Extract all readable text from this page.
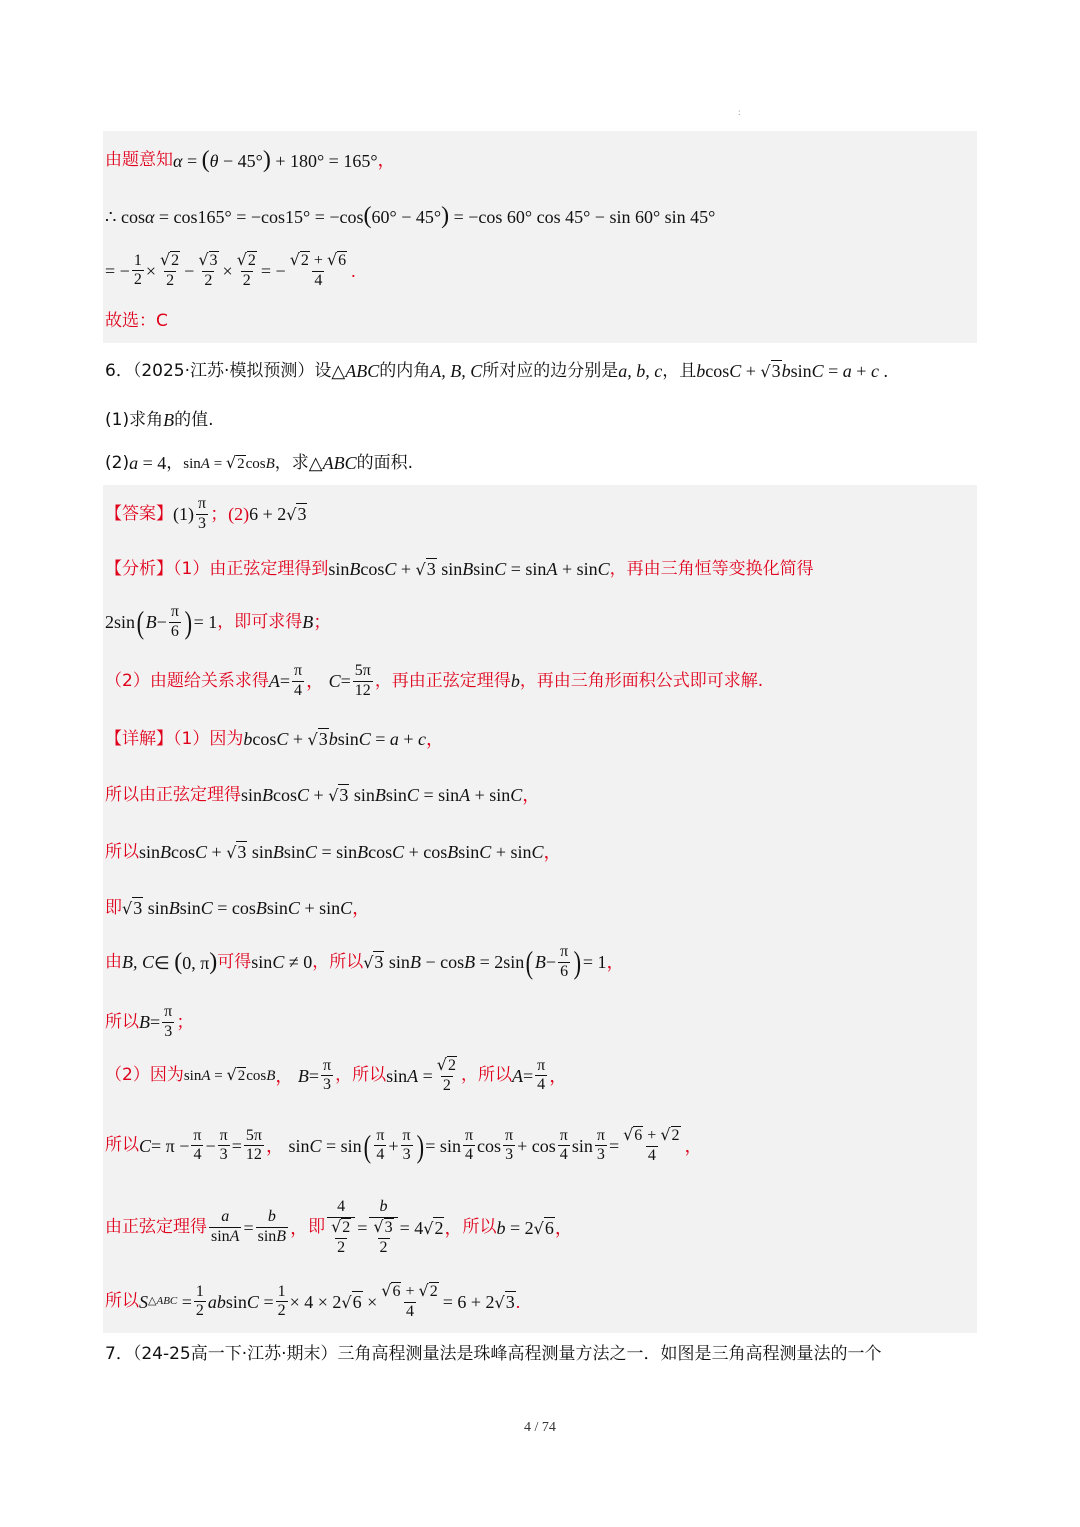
:
由题意知 α = (θ − 45°) + 180° = 165° ，
∴ cosα = cos165° = −cos15° = −cos(60° − 45°) = −cos 60° cos 45° − sin 60° sin 45°
= − $\frac{1}{2} \times \frac{√2}{2} - \frac{√3}{2} \times \frac{√2}{2}$ = − $\frac{√2 + √6}{4}$ .
故选：C
6．（2025·江苏·模拟预测）设 △ABC 的内角 A, B, C 所对应的边分别是 a, b, c ，且 bcosC + √3bsinC = a + c .
(1)求角 B 的值.
(2) a = 4 ， sinA = √2cosB ，求 △ABC 的面积.
【答案】 $(1) \frac{\pi}{3}$ ；(2) 6 + 2√3
【分析】（1）由正弦定理得到 sinBcosC + √3 sinBsinC = sinA + sinC ，再由三角恒等变换化简得
2sin ( $B - \frac{\pi}{6}$ ) = 1 ，即可求得 B ；
（2）由题给关系求得 $A = \frac{\pi}{4}$ ， $C = \frac{5\pi}{12}$ ，再由正弦定理得 b ，再由三角形面积公式即可求解.
【详解】（1）因为 bcosC + √3bsinC = a + c ，
所以由正弦定理得 sinBcosC + √3 sinBsinC = sinA + sinC ，
所以 sinBcosC + √3 sinBsinC = sinBcosC + cosBsinC + sinC ，
即 √3 sinBsinC = cosBsinC + sinC ，
由 B, C ∈ (0, π) 可得 sinC ≠ 0 ，所以 √3 sinB − cosB = 2sin ( $B - \frac{\pi}{6}$ ) = 1 ，
所以 $B = \frac{\pi}{3}$ ；
（2）因为 sinA = √2cosB ， $B = \frac{\pi}{3}$ ，所以 $\sin A = \frac{√2}{2}$ ，所以 $A = \frac{\pi}{4}$ ，
所以 $C = \pi - \frac{\pi}{4} - \frac{\pi}{3} = \frac{5\pi}{12}$ ， sinC = sin ( $\frac{\pi}{4} + \frac{\pi}{3}$ ) = $\sin \frac{\pi}{4}$ $\cos \frac{\pi}{3} + \cos \frac{\pi}{4}$ $\sin \frac{\pi}{3} = \frac{√6 + √2}{4}$ ，
由正弦定理得 $\frac{a}{\sin A} = \frac{b}{\sin B}$ ， 即 $\frac{4}{\frac{√2}{2}} = \frac{b}{\frac{√3}{2}} = 4√2$ ， 所以 b = 2√6 ，
所以 S △ABC = $\frac{1}{2}$ $absinC = \frac{1}{2} \times 4 \times 2√6 \times \frac{√6 + √2}{4} = 6 + 2√3$ .
7．（24-25高一下·江苏·期末）三角高程测量法是珠峰高程测量方法之一．如图是三角高程测量法的一个
4 / 74
